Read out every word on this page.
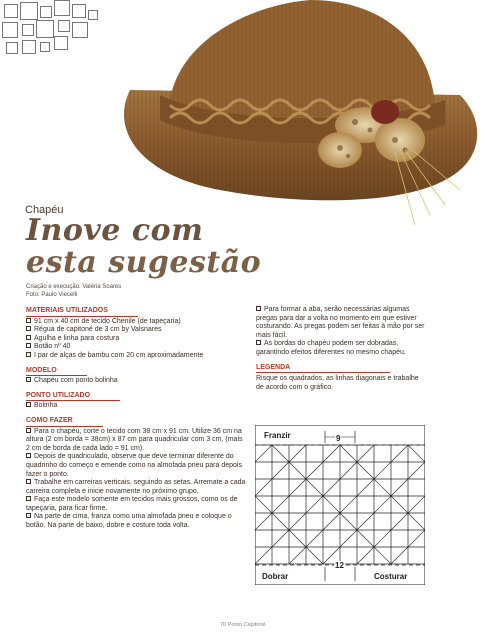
Chapéu
Inove com
esta sugestão
Criação e execução: Valéria Soares
Foto: Paulo Viecelli
MATERIAIS UTILIZADOS
91 cm x 40 cm de tecido Chenile (de tapeçaria)
Régua de capitoné de 3 cm by Valsnares
Agulha e linha para costura
Botão nº 40
I par de alças de bambu com 20 cm aproximadamente
MODELO
Chapéu com ponto bolinha
PONTO UTILIZADO
Bolinha
COMO FAZER
Para o chapéu, corte o tecido com 38 cm x 91 cm. Utilize 36 cm na altura (2 cm borda = 38cm) x 87 cm para quadricular com 3 cm, (mais 2 cm de borda de cada lado = 91 cm).
Depois de quadriculado, observe que deve terminar diferente do quadrinho do começo e emende como na almofada pneu para depois fazer o ponto.
Trabalhe em carreiras verticais, seguindo as setas. Arremate a cada carreira completa e inicie novamente no próximo grupo.
Faça este modelo somente em tecidos mais grossos, como os de tapeçaria, para ficar firme.
Na parte de cima, franza como uma almofada pneu e coloque o botão. Na parte de baixo, dobre e costure toda volta.
Para formar a aba, serão necessárias algumas pregas para dar a volta no momento em que estiver costurando. As pregas podem ser feitas à mão por ser mais fácil.
As bordas do chapéu podem ser dobradas, garantindo efeitos diferentes no mesmo chapéu.
LEGENDA
Risque os quadrados, as linhas diagonais e trabalhe de acordo com o gráfico.
Franzir	9
12
Dobrar	Costurar
70 Ponto Capitoné
